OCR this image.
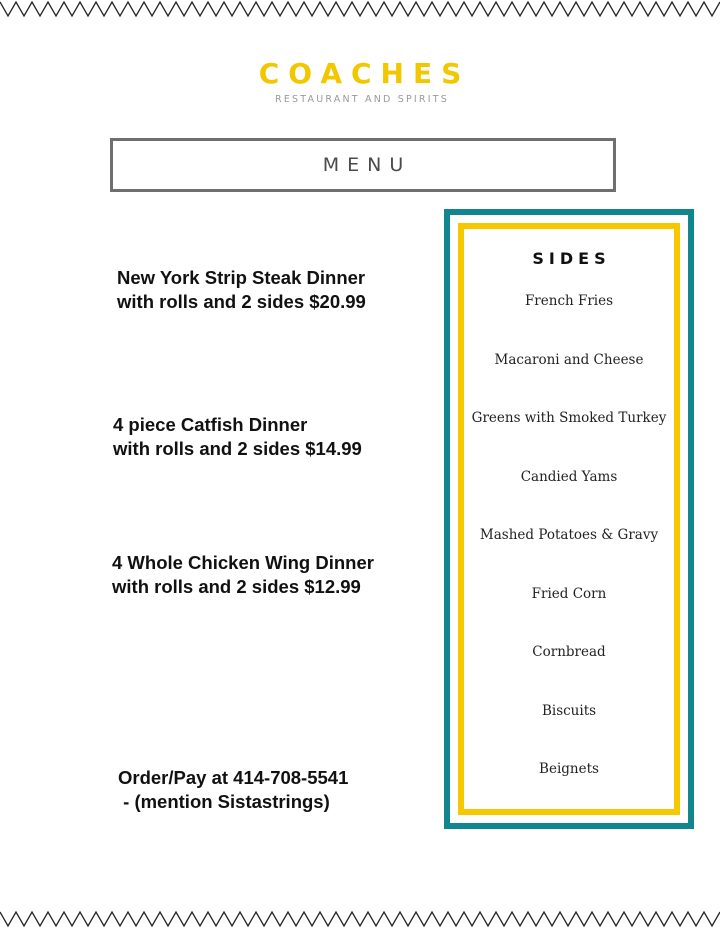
COACHES
RESTAURANT AND SPIRITS
MENU
New York Strip Steak Dinner
with rolls and 2 sides $20.99
4 piece Catfish Dinner
with rolls and 2 sides $14.99
4 Whole Chicken Wing Dinner
with rolls and 2 sides $12.99
SIDES
French Fries
Macaroni and Cheese
Greens with Smoked Turkey
Candied Yams
Mashed Potatoes & Gravy
Fried Corn
Cornbread
Biscuits
Beignets
Order/Pay at 414-708-5541
- (mention Sistastrings)
